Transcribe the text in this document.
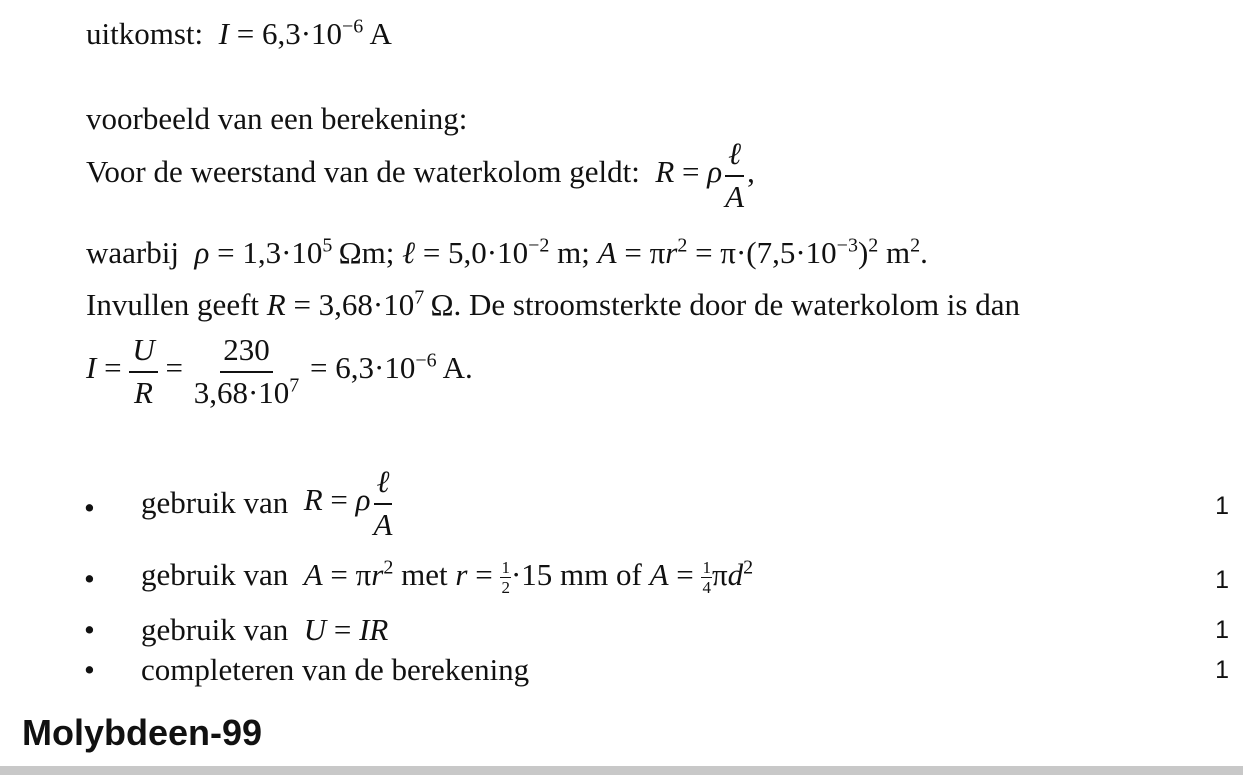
uitkomst: $I = 6,3\cdot 10^{-6}$ A
voorbeeld van een berekening:
Voor de weerstand van de waterkolom geldt: R = ρ $\frac{\text{ℓ}}{A}$ ,
waarbij $\rho = 1,3\cdot 10^5$ Ωm; ℓ = $5,0\cdot 10^{-2}$ m; $A = \pi r^2 = \pi\cdot(7,5\cdot 10^{-3})^2$ $m^2$.
Invullen geeft $R = 3,68\cdot 10^7$ Ω. De stroomsterkte door de waterkolom is dan
$I = \frac{U}{R} = \frac{230}{3,68\cdot 10^7} = 6,3\cdot 10^{-6}$ A.
• gebruik van R = ρ $\frac{\text{ℓ}}{A}$	1
• gebruik van $A = \pi r^2$ met $r = \frac{1}{2} \cdot 15$ mm of $A = \frac{1}{4} \pi d^2$	1
• gebruik van U = IR	1
• completeren van de berekening	1
Molybdeen-99
